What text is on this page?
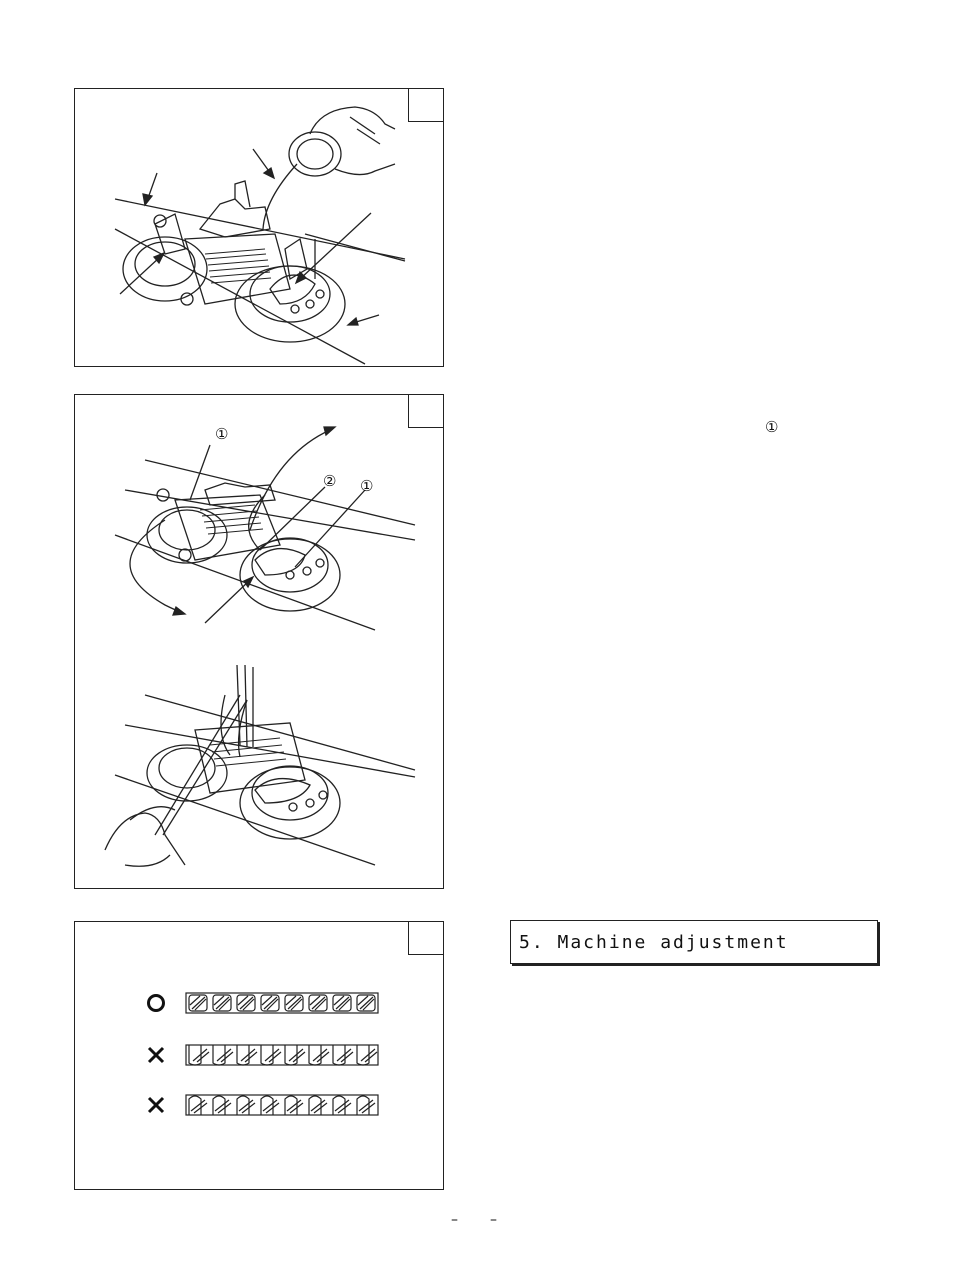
①
② ①
①
5. Machine adjustment
– –
